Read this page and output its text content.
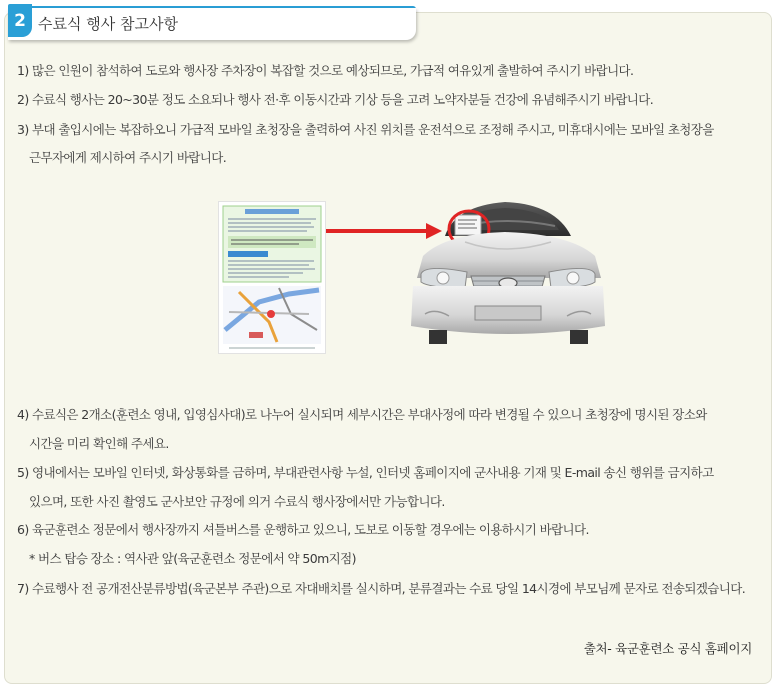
2 수료식 행사 참고사항
1) 많은 인원이 참석하여 도로와 행사장 주차장이 복잡할 것으로 예상되므로, 가급적 여유있게 출발하여 주시기 바랍니다.
2) 수료식 행사는 20~30분 정도 소요되나 행사 전·후 이동시간과 기상 등을 고려 노약자분들 건강에 유념해주시기 바랍니다.
3) 부대 출입시에는 복잡하오니 가급적 모바일 초청장을 출력하여 사진 위치를 운전석으로 조정해 주시고, 미휴대시에는 모바일 초청장을
근무자에게 제시하여 주시기 바랍니다.
4) 수료식은 2개소(훈련소 영내, 입영심사대)로 나누어 실시되며 세부시간은 부대사정에 따라 변경될 수 있으니 초청장에 명시된 장소와
시간을 미리 확인해 주세요.
5) 영내에서는 모바일 인터넷, 화상통화를 금하며, 부대관련사항 누설, 인터넷 홈페이지에 군사내용 기재 및 E-mail 송신 행위를 금지하고
있으며, 또한 사진 촬영도 군사보안 규정에 의거 수료식 행사장에서만 가능합니다.
6) 육군훈련소 정문에서 행사장까지 셔틀버스를 운행하고 있으니, 도보로 이동할 경우에는 이용하시기 바랍니다.
* 버스 탑승 장소 : 역사관 앞(육군훈련소 정문에서 약 50m지점)
7) 수료행사 전 공개전산분류방법(육군본부 주관)으로 자대배치를 실시하며, 분류결과는 수료 당일 14시경에 부모님께 문자로 전송되겠습니다.
출처- 육군훈련소 공식 홈페이지
